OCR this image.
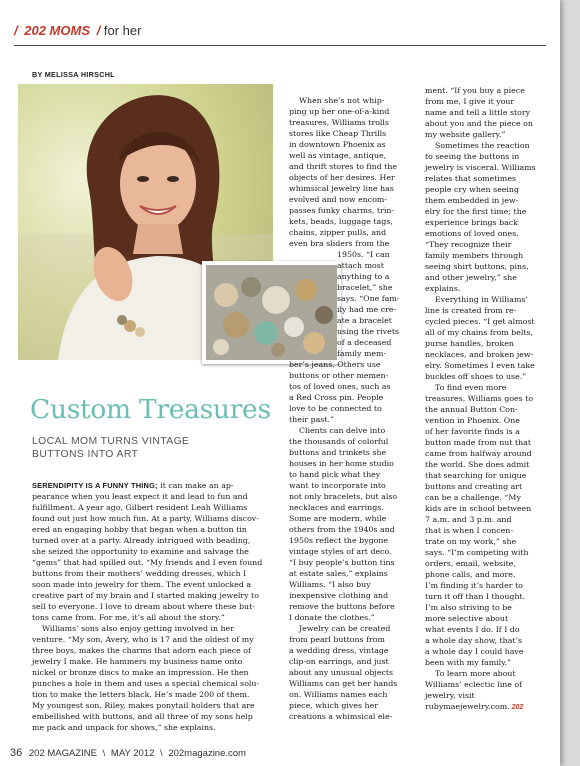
/ 202 MOMS / for her
BY MELISSA HIRSCHL
Custom Treasures
LOCAL MOM TURNS VINTAGE
BUTTONS INTO ART

SERENDIPITY IS A FUNNY THING; it can make an ap-

pearance when you least expect it and lead to fun and

fulfillment. A year ago, Gilbert resident Leah Williams

found out just how much fun. At a party, Williams discov-

ered an engaging hobby that began when a button tin

turned over at a party. Already intrigued with beading,

she seized the opportunity to examine and salvage the

“gems” that had spilled out. “My friends and I even found

buttons from their mothers’ wedding dresses, which I

soon made into jewelry for them. The event unlocked a

creative part of my brain and I started making jewelry to

sell to everyone. I love to dream about where these but-

tons came from. For me, it’s all about the story.”

Williams’ sons also enjoy getting involved in her

venture. “My son, Avery, who is 17 and the oldest of my

three boys, makes the charms that adorn each piece of

jewelry I make. He hammers my business name onto

nickel or bronze discs to make an impression. He then

punches a hole in them and uses a special chemical solu-

tion to make the letters black. He’s made 200 of them.

My youngest son, Riley, makes ponytail holders that are

embellished with buttons, and all three of my sons help

me pack and unpack for shows,” she explains.

When she’s not whip-

ping up her one-of-a-kind

treasures, Williams trolls

stores like Cheap Thrills

in downtown Phoenix as

well as vintage, antique,

and thrift stores to find the

objects of her desires. Her

whimsical jewelry line has

evolved and now encom-

passes funky charms, trin-

kets, beads, luggage tags,

chains, zipper pulls, and

even bra sliders from the

1950s. “I can

attach most

anything to a

bracelet,” she

says. “One fam-

ily had me cre-

ate a bracelet

using the rivets

of a deceased

family mem-

ber’s jeans. Others use

buttons or other memen-

tos of loved ones, such as

a Red Cross pin. People

love to be connected to

their past.”

Clients can delve into

the thousands of colorful

buttons and trinkets she

houses in her home studio

to hand pick what they

want to incorporate into

not only bracelets, but also

necklaces and earrings.

Some are modern, while

others from the 1940s and

1950s reflect the bygone

vintage styles of art deco.

“I buy people’s button tins

at estate sales,” explains

Williams. “I also buy

inexpensive clothing and

remove the buttons before

I donate the clothes.”

Jewelry can be created

from pearl buttons from

a wedding dress, vintage

clip-on earrings, and just

about any unusual objects

Williams can get her hands

on. Williams names each

piece, which gives her

creations a whimsical ele-

ment. “If you buy a piece

from me, I give it your

name and tell a little story

about you and the piece on

my website gallery.”

Sometimes the reaction

to seeing the buttons in

jewelry is visceral. Williams

relates that sometimes

people cry when seeing

them embedded in jew-

elry for the first time; the

experience brings back

emotions of loved ones.

“They recognize their

family members through

seeing shirt buttons, pins,

and other jewelry,” she

explains.

Everything in Williams’

line is created from re-

cycled pieces. “I get almost

all of my chains from belts,

purse handles, broken

necklaces, and broken jew-

elry. Sometimes I even take

buckles off shoes to use.”

To find even more

treasures, Williams goes to

the annual Button Con-

vention in Phoenix. One

of her favorite finds is a

button made from nut that

came from halfway around

the world. She does admit

that searching for unique

buttons and creating art

can be a challenge. “My

kids are in school between

7 a.m. and 3 p.m. and

that is when I concen-

trate on my work,” she

says. “I’m competing with

orders, email, website,

phone calls, and more.

I’m finding it’s harder to

turn it off than I thought.

I’m also striving to be

more selective about

what events I do. If I do

a whole day show, that’s

a whole day I could have

been with my family.”

To learn more about

Williams’ eclectic line of

jewelry, visit

rubymaejewelry.com. 202

36 202 MAGAZINE \ MAY 2012 \ 202magazine.com
